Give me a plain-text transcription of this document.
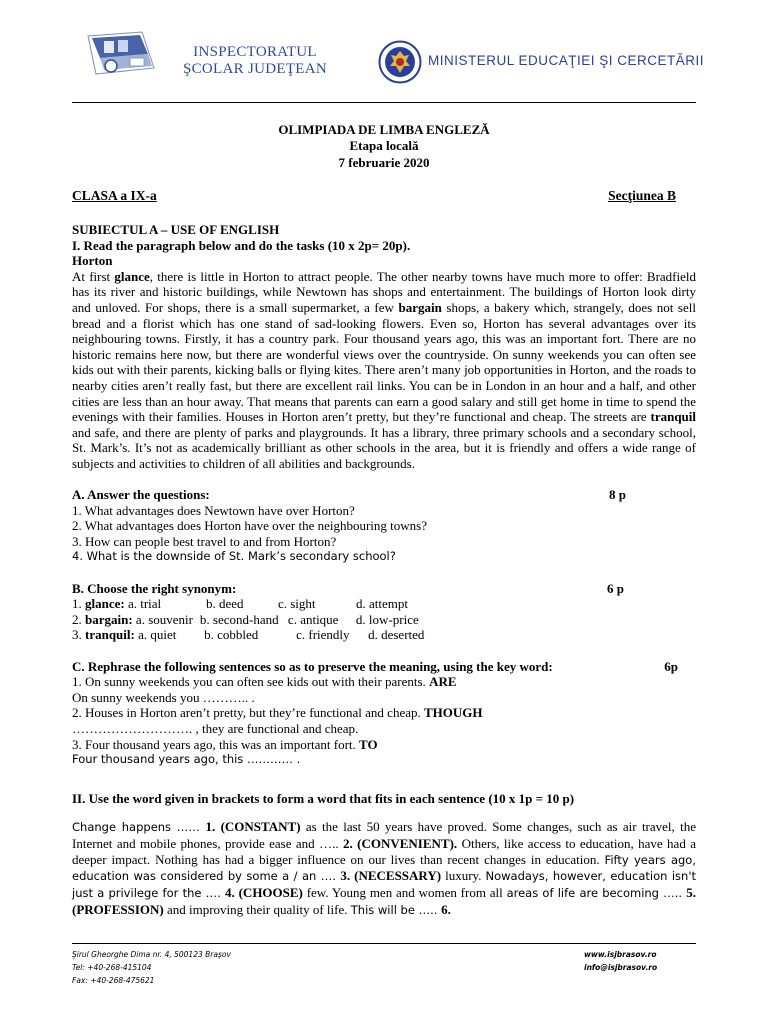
INSPECTORATUL
ŞCOLAR JUDEŢEAN
MINISTERUL EDUCAŢIEI ŞI CERCETĂRII
OLIMPIADA DE LIMBA ENGLEZĂ
Etapa locală
7 februarie 2020
CLASA a IX-a	Secţiunea B
SUBIECTUL A – USE OF ENGLISH
I. Read the paragraph below and do the tasks (10 x 2p= 20p).
Horton
At first glance, there is little in Horton to attract people. The other nearby towns have much more to offer: Bradfield has its river and historic buildings, while Newtown has shops and entertainment. The buildings of Horton look dirty and unloved. For shops, there is a small supermarket, a few bargain shops, a bakery which, strangely, does not sell bread and a florist which has one stand of sad-looking flowers. Even so, Horton has several advantages over its neighbouring towns. Firstly, it has a country park. Four thousand years ago, this was an important fort. There are no historic remains here now, but there are wonderful views over the countryside. On sunny weekends you can often see kids out with their parents, kicking balls or flying kites. There aren’t many job opportunities in Horton, and the roads to nearby cities aren’t really fast, but there are excellent rail links. You can be in London in an hour and a half, and other cities are less than an hour away. That means that parents can earn a good salary and still get home in time to spend the evenings with their families. Houses in Horton aren’t pretty, but they’re functional and cheap. The streets are tranquil and safe, and there are plenty of parks and playgrounds. It has a library, three primary schools and a secondary school, St. Mark’s. It’s not as academically brilliant as other schools in the area, but it is friendly and offers a wide range of subjects and activities to children of all abilities and backgrounds.
A. Answer the questions:	8 p
1. What advantages does Newtown have over Horton?
2. What advantages does Horton have over the neighbouring towns?
3. How can people best travel to and from Horton?
4. What is the downside of St. Mark’s secondary school?
B. Choose the right synonym:	6 p
1. glance: a. trial	b. deed	c. sight	d. attempt
2. bargain: a. souvenir b. second-hand c. antique d. low-price
3. tranquil: a. quiet b. cobbled	c. friendly d. deserted
C. Rephrase the following sentences so as to preserve the meaning, using the key word:	6p
1. On sunny weekends you can often see kids out with their parents. ARE
On sunny weekends you ……….. .
2. Houses in Horton aren’t pretty, but they’re functional and cheap. THOUGH
………………………. , they are functional and cheap.
3. Four thousand years ago, this was an important fort. TO
Four thousand years ago, this ………… .
II. Use the word given in brackets to form a word that fits in each sentence (10 x 1p = 10 p)
Change happens …… 1. (CONSTANT) as the last 50 years have proved. Some changes, such as air travel, the Internet and mobile phones, provide ease and ….. 2. (CONVENIENT). Others, like access to education, have had a deeper impact. Nothing has had a bigger influence on our lives than recent changes in education. Fifty years ago, education was considered by some a / an …. 3. (NECESSARY) luxury. Nowadays, however, education isn't just a privilege for the …. 4. (CHOOSE) few. Young men and women from all areas of life are becoming ….. 5. (PROFESSION) and improving their quality of life. This will be ….. 6.
Şirul Gheorghe Dima nr. 4, 500123 Braşov
Tel: +40-268-415104
Fax: +40-268-475621
www.isjbrasov.ro
info@isjbrasov.ro
